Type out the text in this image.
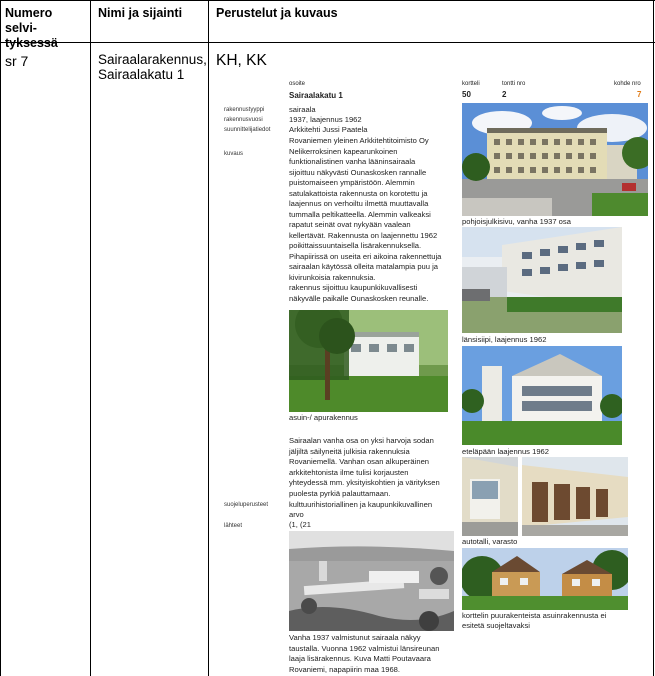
Numero selvi-tyksessä
Nimi ja sijainti	Perustelut ja kuvaus
sr 7	Sairaalarakennus,
Sairaalakatu 1
KH, KK
osoite
Sairaalakatu 1
kortteli
50
tontti nro
2
kohde nro
7
rakennustyyppi
rakennusvuosi
suunnittelijatiedot
kuvaus
suojeluperusteet
lähteet
sairaala
1937, laajennus 1962
Arkkitehti Jussi Paatela
Rovaniemen yleinen Arkkitehtitoimisto Oy
Nelikerroksinen kapearunkoinen
funktionalistinen vanha lääninsairaala
sijoittuu näkyvästi Ounaskosken rannalle
puistomaiseen ympäristöön. Alemmin
satulakattoista rakennusta on korotettu ja
laajennus on verhoiltu ilmettä muuttavalla
tummalla peltikatteella. Alemmin valkeaksi
rapatut seinät ovat nykyään vaalean
kellertävät. Rakennusta on laajennettu 1962
poikittaissuuntaisella lisärakennuksella.
Pihapiirissä on useita eri aikoina rakennettuja
sairaalan käytössä olleita matalampia puu ja
kivirunkoisia rakennuksia.
rakennus sijoittuu kaupunkikuvallisesti
näkyvälle paikalle Ounaskosken reunalle.
asuin-/ apurakennus
Sairaalan vanha osa on yksi harvoja sodan
jäljiltä säilyneitä julkisia rakennuksia
Rovaniemellä. Vanhan osan alkuperäinen
arkkitehtonista ilme tulisi korjausten
yhteydessä mm. yksityiskohtien ja värityksen
puolesta pyrkiä palauttamaan.
kulttuurihistoriallinen ja kaupunkikuvallinen
arvo
(1, (21
Vanha 1937 valmistunut sairaala näkyy
taustalla. Vuonna 1962 valmistui länsireunan
laaja lisärakennus. Kuva Matti Poutavaara
Rovaniemi, napapiirin maa 1968.
pohjoisjulkisivu, vanha 1937 osa
länsisiipi, laajennus 1962
eteläpään laajennus 1962
autotalli, varasto
korttelin puurakenteista asuinrakennusta ei
esitetä suojeltavaksi
